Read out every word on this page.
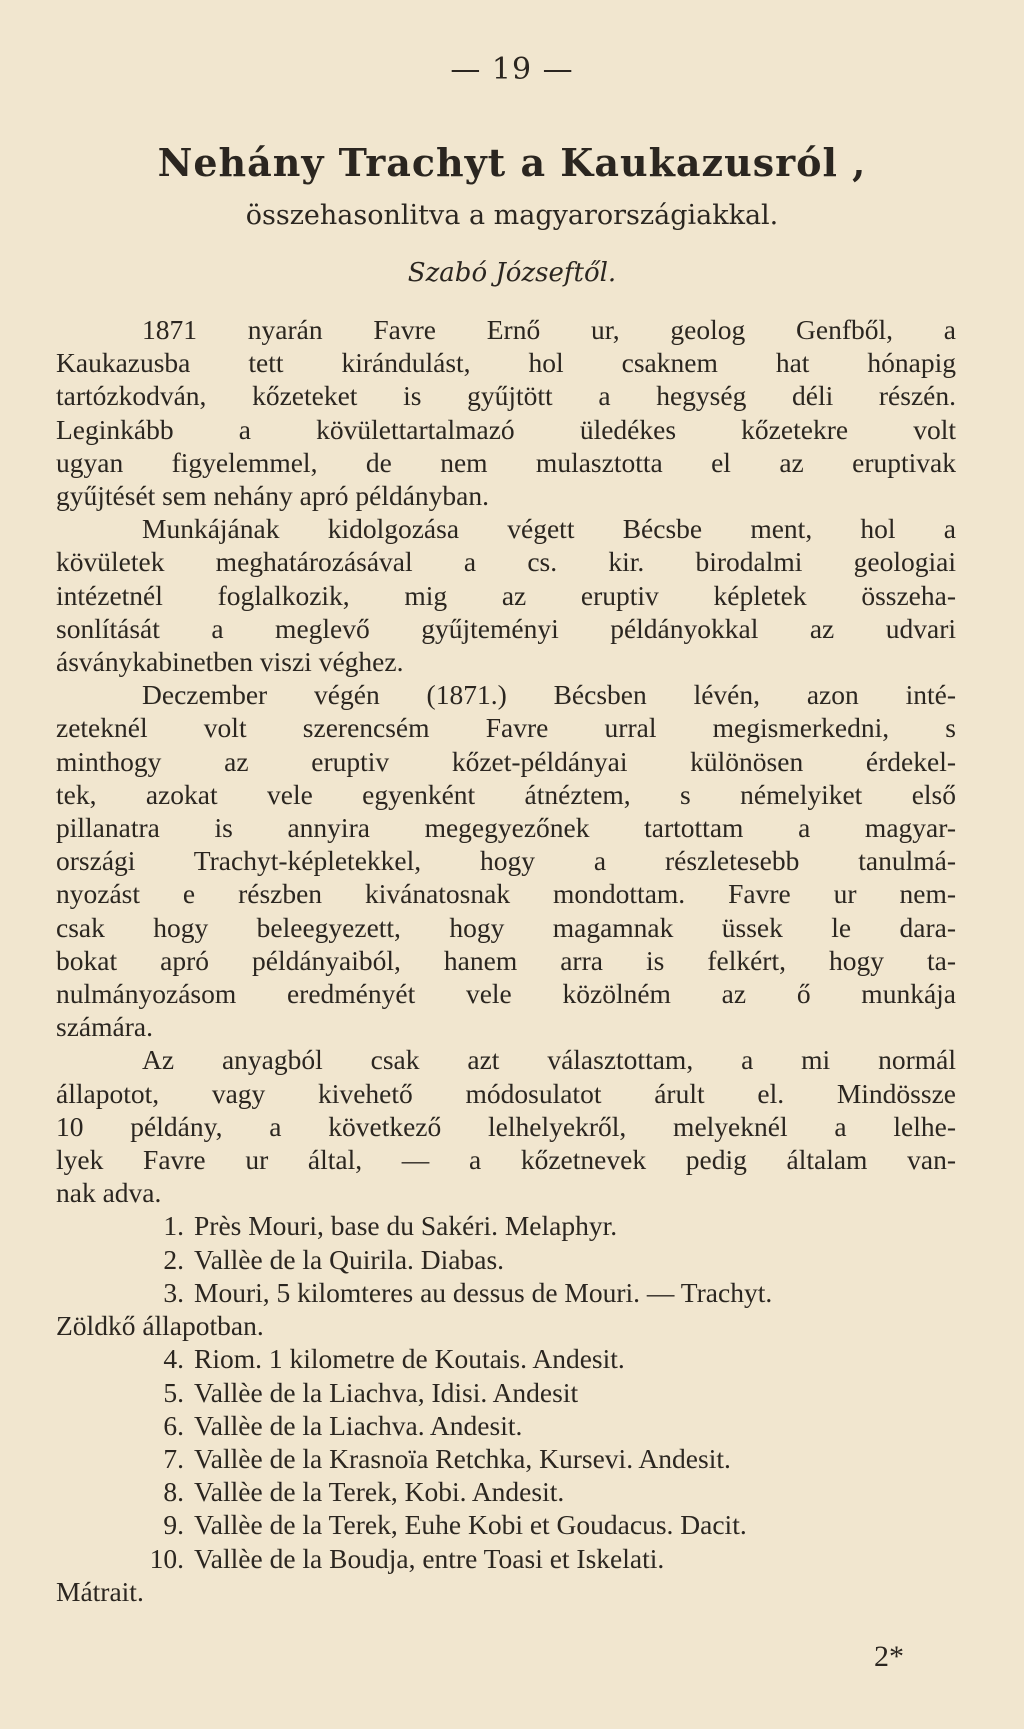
— 19 —
Nehány Trachyt a Kaukazusról ,
összehasonlitva a magyarországiakkal.
Szabó Józseftől.
1871 nyarán Favre Ernő ur, geolog Genfből, a
Kaukazusba tett kirándulást, hol csaknem hat hónapig
tartózkodván, kőzeteket is gyűjtött a hegység déli részén.
Leginkább a kövülettartalmazó üledékes kőzetekre volt
ugyan figyelemmel, de nem mulasztotta el az eruptivak
gyűjtését sem nehány apró példányban.
Munkájának kidolgozása végett Bécsbe ment, hol a
kövületek meghatározásával a cs. kir. birodalmi geologiai
intézetnél foglalkozik, mig az eruptiv képletek összeha-
sonlítását a meglevő gyűjteményi példányokkal az udvari
ásványkabinetben viszi véghez.
Deczember végén (1871.) Bécsben lévén, azon inté-
zeteknél volt szerencsém Favre urral megismerkedni, s
minthogy az eruptiv kőzet-példányai különösen érdekel-
tek, azokat vele egyenként átnéztem, s némelyiket első
pillanatra is annyira megegyezőnek tartottam a magyar-
országi Trachyt-képletekkel, hogy a részletesebb tanulmá-
nyozást e részben kivánatosnak mondottam. Favre ur nem-
csak hogy beleegyezett, hogy magamnak üssek le dara-
bokat apró példányaiból, hanem arra is felkért, hogy ta-
nulmányozásom eredményét vele közölném az ő munkája
számára.
Az anyagból csak azt választottam, a mi normál
állapotot, vagy kivehető módosulatot árult el. Mindössze
10 példány, a következő lelhelyekről, melyeknél a lelhe-
lyek Favre ur által, — a kőzetnevek pedig általam van-
nak adva.
1. Près Mouri, base du Sakéri. Melaphyr.
2. Vallèe de la Quirila. Diabas.
3. Mouri, 5 kilomteres au dessus de Mouri. — Trachyt.
Zöldkő állapotban.
4. Riom. 1 kilometre de Koutais. Andesit.
5. Vallèe de la Liachva, Idisi. Andesit
6. Vallèe de la Liachva. Andesit.
7. Vallèe de la Krasnoïa Retchka, Kursevi. Andesit.
8. Vallèe de la Terek, Kobi. Andesit.
9. Vallèe de la Terek, Euhe Kobi et Goudacus. Dacit.
10. Vallèe de la Boudja, entre Toasi et Iskelati.
Mátrait.
2*
